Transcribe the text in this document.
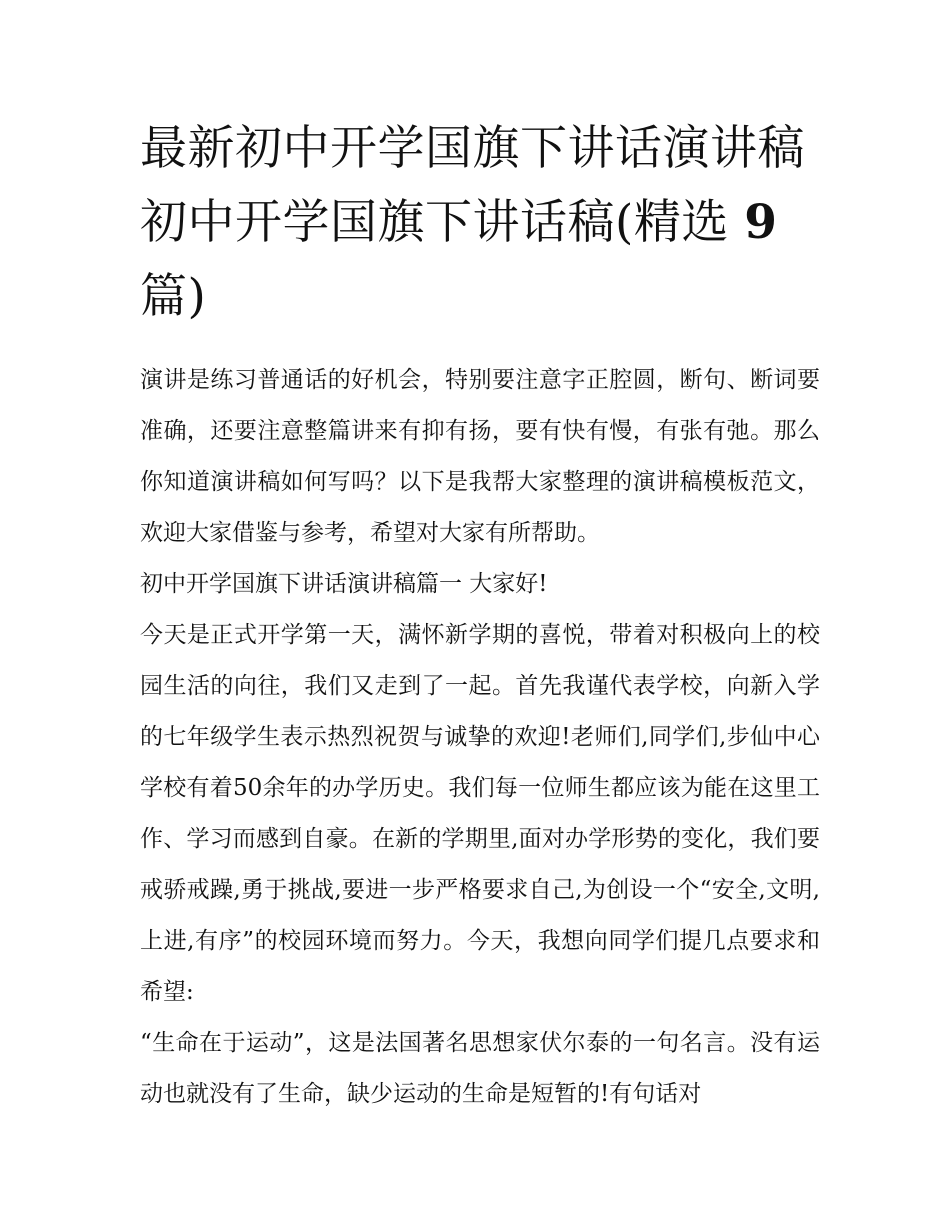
最新初中开学国旗下讲话演讲稿 初中开学国旗下讲话稿(精选 9 篇)

演讲是练习普通话的好机会，特别要注意字正腔圆，断句、断词要准确，还要注意整篇讲来有抑有扬，要有快有慢，有张有弛。那么你知道演讲稿如何写吗？以下是我帮大家整理的演讲稿模板范文，欢迎大家借鉴与参考，希望对大家有所帮助。

初中开学国旗下讲话演讲稿篇一 大家好!

今天是正式开学第一天，满怀新学期的喜悦，带着对积极向上的校园生活的向往，我们又走到了一起。首先我谨代表学校，向新入学的七年级学生表示热烈祝贺与诚挚的欢迎!老师们,同学们,步仙中心学校有着50余年的办学历史。我们每一位师生都应该为能在这里工作、学习而感到自豪。在新的学期里,面对办学形势的变化，我们要戒骄戒躁,勇于挑战,要进一步严格要求自己,为创设一个“安全,文明,上进,有序”的校园环境而努力。今天，我想向同学们提几点要求和希望:

“生命在于运动”，这是法国著名思想家伏尔泰的一句名言。没有运动也就没有了生命，缺少运动的生命是短暂的!有句话对
